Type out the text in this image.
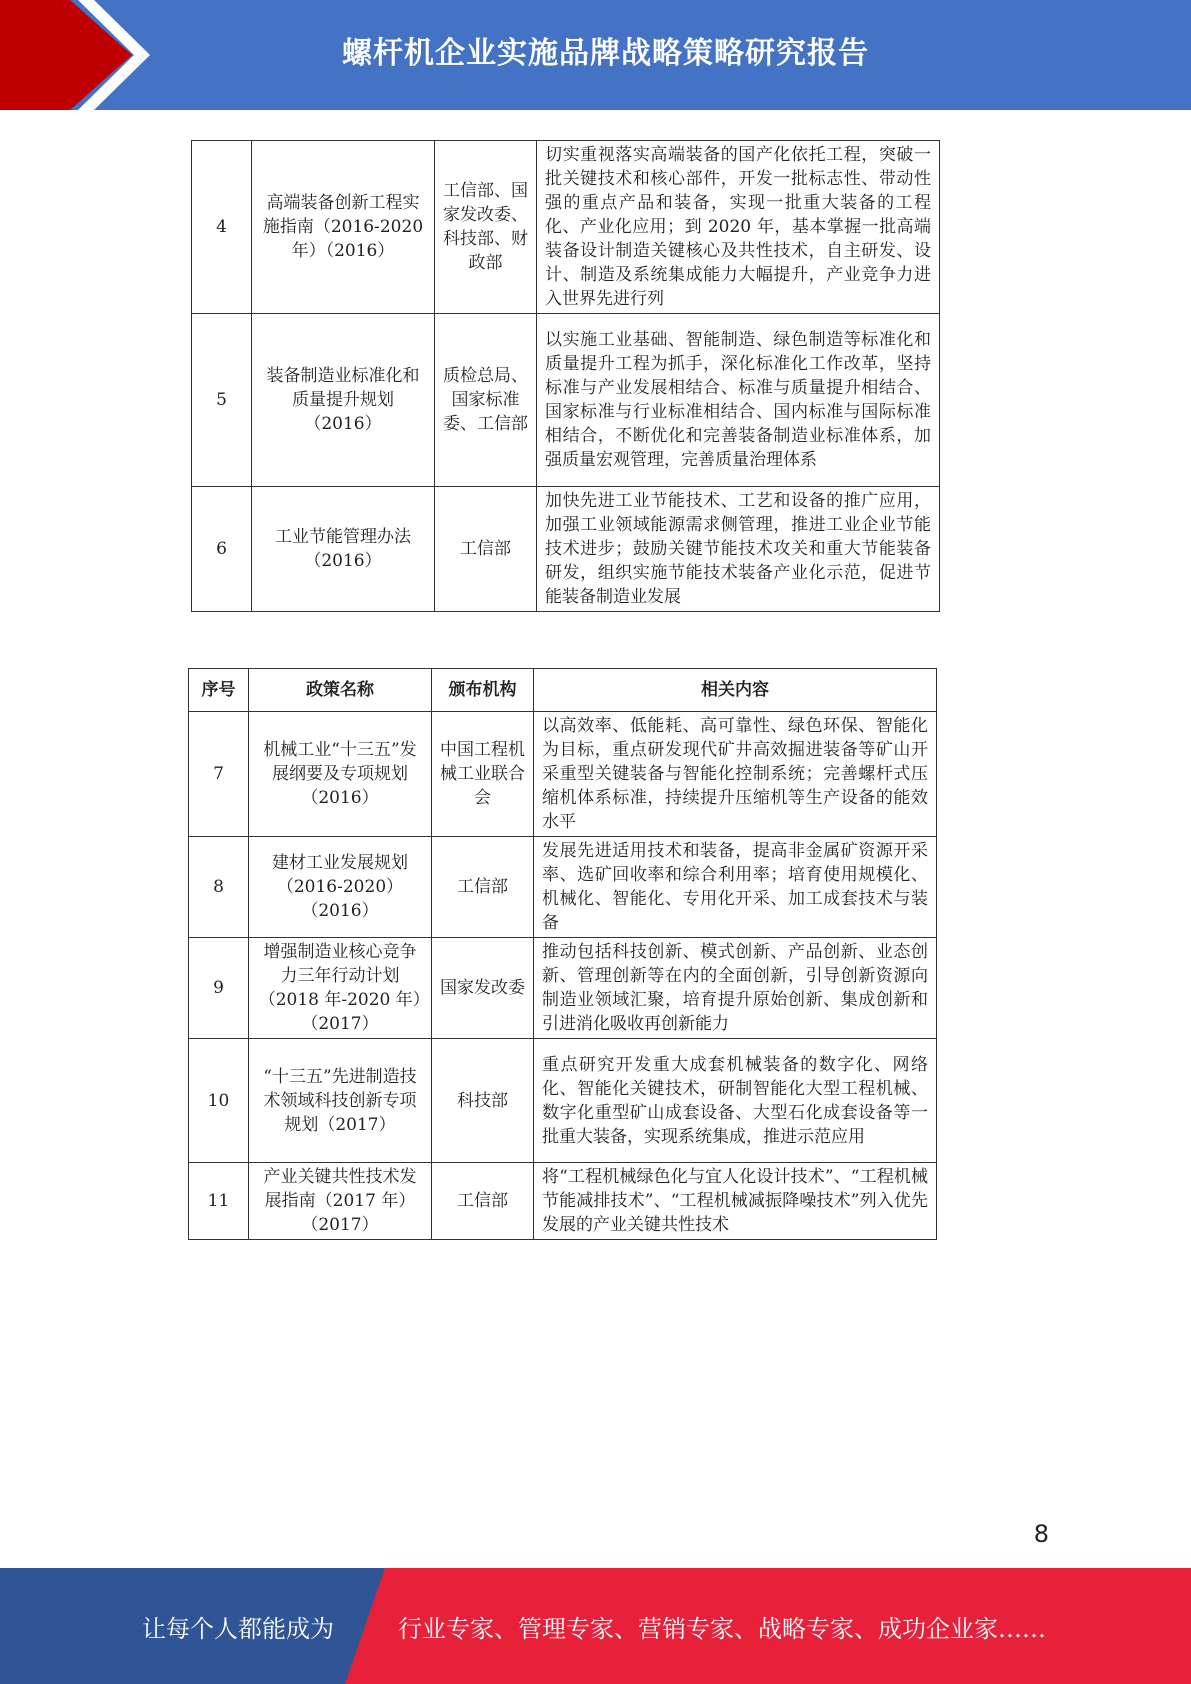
螺杆机企业实施品牌战略策略研究报告
4	高端装备创新工程实施指南（2016-2020 年）（2016）	工信部、国家发改委、科技部、财政部	切实重视落实高端装备的国产化依托工程，突破一批关键技术和核心部件，开发一批标志性、带动性强的重点产品和装备，实现一批重大装备的工程化、产业化应用；到 2020 年，基本掌握一批高端装备设计制造关键核心及共性技术，自主研发、设计、制造及系统集成能力大幅提升，产业竞争力进入世界先进行列
5	装备制造业标准化和质量提升规划（2016）	质检总局、国家标准委、工信部	以实施工业基础、智能制造、绿色制造等标准化和质量提升工程为抓手，深化标准化工作改革，坚持标准与产业发展相结合、标准与质量提升相结合、国家标准与行业标准相结合、国内标准与国际标准相结合，不断优化和完善装备制造业标准体系，加强质量宏观管理，完善质量治理体系
6	工业节能管理办法（2016）	工信部	加快先进工业节能技术、工艺和设备的推广应用，加强工业领域能源需求侧管理，推进工业企业节能技术进步；鼓励关键节能技术攻关和重大节能装备研发，组织实施节能技术装备产业化示范，促进节能装备制造业发展
序号	政策名称	颁布机构	相关内容
7	机械工业“十三五”发展纲要及专项规划（2016）	中国工程机械工业联合会	以高效率、低能耗、高可靠性、绿色环保、智能化为目标，重点研发现代矿井高效掘进装备等矿山开采重型关键装备与智能化控制系统；完善螺杆式压缩机体系标准，持续提升压缩机等生产设备的能效水平
8	建材工业发展规划（2016-2020）（2016）	工信部	发展先进适用技术和装备，提高非金属矿资源开采率、选矿回收率和综合利用率；培育使用规模化、机械化、智能化、专用化开采、加工成套技术与装备
9	增强制造业核心竞争力三年行动计划（2018 年-2020 年）（2017）	国家发改委	推动包括科技创新、模式创新、产品创新、业态创新、管理创新等在内的全面创新，引导创新资源向制造业领域汇聚，培育提升原始创新、集成创新和引进消化吸收再创新能力
10	“十三五”先进制造技术领域科技创新专项规划（2017）	科技部	重点研究开发重大成套机械装备的数字化、网络化、智能化关键技术，研制智能化大型工程机械、数字化重型矿山成套设备、大型石化成套设备等一批重大装备，实现系统集成，推进示范应用
11	产业关键共性技术发展指南（2017 年）（2017）	工信部	将“工程机械绿色化与宜人化设计技术”、“工程机械节能减排技术”、“工程机械减振降噪技术”列入优先发展的产业关键共性技术
8
让每个人都能成为	行业专家、管理专家、营销专家、战略专家、成功企业家……
